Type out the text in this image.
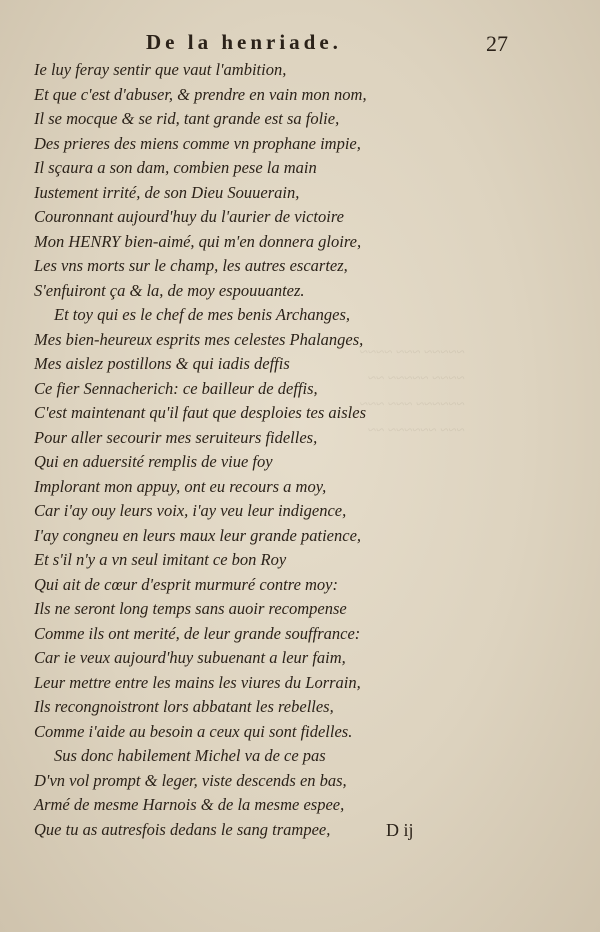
De la henriade.	27
~~~~~ ~~~ ~~~~
~~~~ ~~~~~ ~~
~~~~~~ ~~~ ~~~
~~~ ~~~~~~ ~~
Ie luy feray sentir que vaut l'ambition,
Et que c'est d'abuser, & prendre en vain mon nom,
Il se mocque & se rid, tant grande est sa folie,
Des prieres des miens comme vn prophane impie,
Il sçaura a son dam, combien pese la main
Iustement irrité, de son Dieu Souuerain,
Couronnant aujourd'huy du l'aurier de victoire
Mon HENRY bien-aimé, qui m'en donnera gloire,
Les vns morts sur le champ, les autres escartez,
S'enfuiront ça & la, de moy espouuantez.
Et toy qui es le chef de mes benis Archanges,
Mes bien-heureux esprits mes celestes Phalanges,
Mes aislez postillons & qui iadis deffis
Ce fier Sennacherich: ce bailleur de deffis,
C'est maintenant qu'il faut que desploies tes aisles
Pour aller secourir mes seruiteurs fidelles,
Qui en aduersité remplis de viue foy
Implorant mon appuy, ont eu recours a moy,
Car i'ay ouy leurs voix, i'ay veu leur indigence,
I'ay congneu en leurs maux leur grande patience,
Et s'il n'y a vn seul imitant ce bon Roy
Qui ait de cœur d'esprit murmuré contre moy:
Ils ne seront long temps sans auoir recompense
Comme ils ont merité, de leur grande souffrance:
Car ie veux aujourd'huy subuenant a leur faim,
Leur mettre entre les mains les viures du Lorrain,
Ils recongnoistront lors abbatant les rebelles,
Comme i'aide au besoin a ceux qui sont fidelles.
Sus donc habilement Michel va de ce pas
D'vn vol prompt & leger, viste descends en bas,
Armé de mesme Harnois & de la mesme espee,
Que tu as autresfois dedans le sang trampee,	D ij
